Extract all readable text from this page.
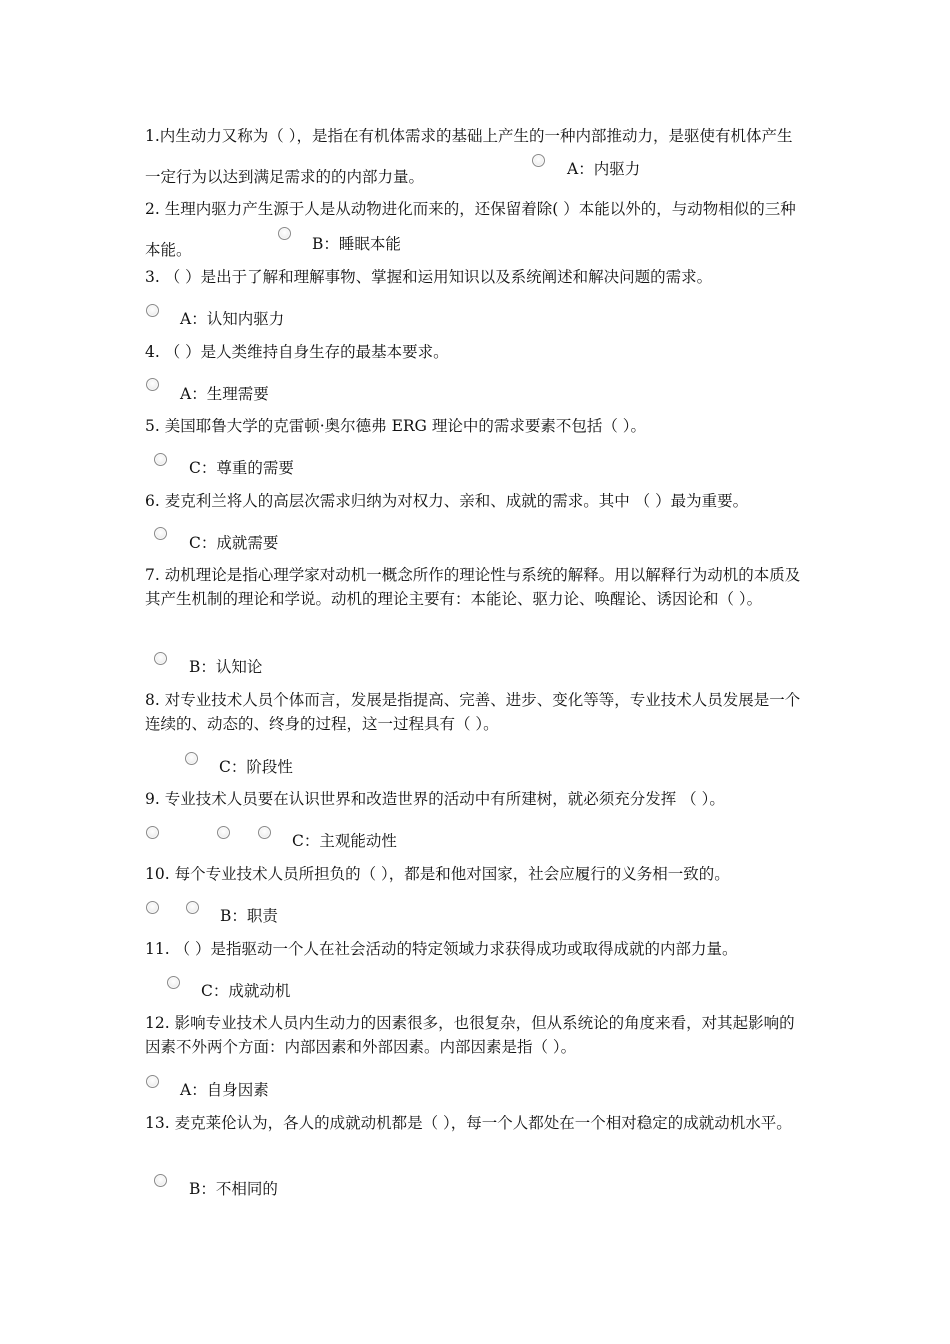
1.内生动力又称为（ ），是指在有机体需求的基础上产生的一种内部推动力，是驱使有机体产生一定行为以达到满足需求的的内部力量。	A：内驱力

2. 生理内驱力产生源于人是从动物进化而来的，还保留着除( ）本能以外的，与动物相似的三种本能。	B：睡眠本能

3. （ ）是出于了解和理解事物、掌握和运用知识以及系统阐述和解决问题的需求。

A：认知内驱力

4. （ ）是人类维持自身生存的最基本要求。

A：生理需要

5. 美国耶鲁大学的克雷顿·奥尔德弗 ERG 理论中的需求要素不包括（ ）。

C：尊重的需要

6. 麦克利兰将人的高层次需求归纳为对权力、亲和、成就的需求。其中 （ ）最为重要。

C：成就需要

7. 动机理论是指心理学家对动机一概念所作的理论性与系统的解释。用以解释行为动机的本质及其产生机制的理论和学说。动机的理论主要有：本能论、驱力论、唤醒论、诱因论和（ ）。

B：认知论

8. 对专业技术人员个体而言，发展是指提高、完善、进步、变化等等，专业技术人员发展是一个连续的、动态的、终身的过程，这一过程具有（ ）。

C：阶段性

9. 专业技术人员要在认识世界和改造世界的活动中有所建树，就必须充分发挥 （ ）。

C：主观能动性

10. 每个专业技术人员所担负的（ ），都是和他对国家，社会应履行的义务相一致的。

B：职责

11. （ ）是指驱动一个人在社会活动的特定领域力求获得成功或取得成就的内部力量。

C：成就动机

12. 影响专业技术人员内生动力的因素很多，也很复杂，但从系统论的角度来看，对其起影响的因素不外两个方面：内部因素和外部因素。内部因素是指（ ）。

A：自身因素

13. 麦克莱伦认为，各人的成就动机都是（ ），每一个人都处在一个相对稳定的成就动机水平。

B：不相同的
